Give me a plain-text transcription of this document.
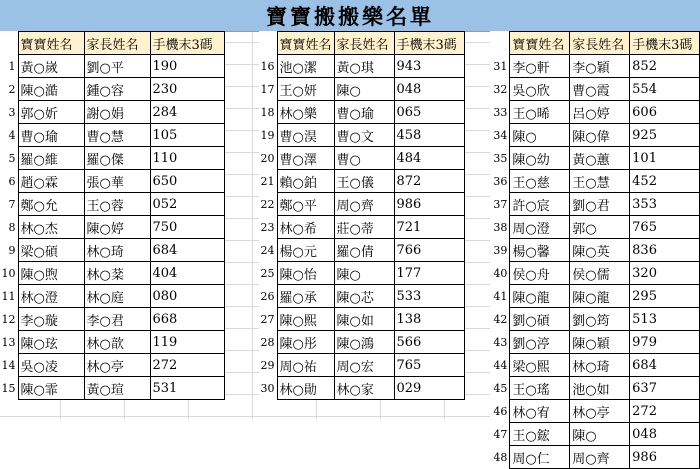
寶寶搬搬樂名單
	寶寶姓名	家長姓名	手機末3碼
1	黃○嵗	劉○平	190
2	陳○澔	鍾○容	230
3	郭○妡	謝○娟	284
4	曹○瑜	曹○慧	105
5	羅○維	羅○傑	110
6	趙○霖	張○華	650
7	鄭○允	王○蓉	052
8	林○杰	陳○婷	750
9	梁○碩	林○琦	684
10	陳○煦	林○棻	404
11	林○澄	林○庭	080
12	李○璇	李○君	668
13	陳○玹	林○歆	119
14	吳○凌	林○亭	272
15	陳○霏	黃○瑄	531
	寶寶姓名	家長姓名	手機末3碼
16	池○潔	黃○琪	943
17	王○妍	陳○	048
18	林○樂	曹○瑜	065
19	曹○淏	曹○文	458
20	曹○澤	曹○	484
21	賴○鉑	王○儀	872
22	鄭○平	周○齊	986
23	林○希	莊○蒂	721
24	楊○元	羅○倩	766
25	陳○怡	陳○	177
26	羅○承	陳○芯	533
27	陳○熙	陳○如	138
28	陳○彤	陳○鴻	566
29	周○祐	周○宏	765
30	林○勛	林○家	029
	寶寶姓名	家長姓名	手機末3碼
31	李○軒	李○穎	852
32	吳○欣	曹○霞	554
33	王○晞	呂○婷	606
34	陳○	陳○偉	925
35	陳○幼	黃○蕙	101
36	王○慈	王○慧	452
37	許○宸	劉○君	353
38	周○澄	郭○	765
39	楊○馨	陳○英	836
40	侯○舟	侯○儒	320
41	陳○龍	陳○龍	295
42	劉○碩	劉○筠	513
43	劉○渟	陳○穎	979
44	梁○熙	林○琦	684
45	王○瑤	池○如	637
46	林○宥	林○亭	272
47	王○鋐	陳○	048
48	周○仁	周○齊	986
